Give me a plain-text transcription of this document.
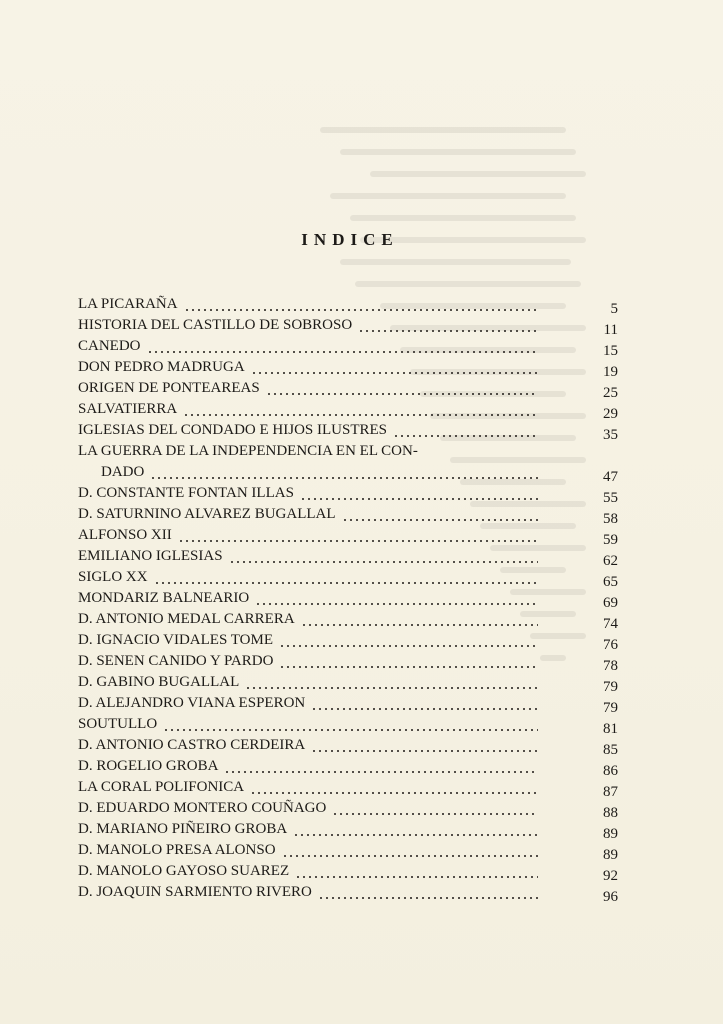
INDICE
LA PICARAÑA	5
HISTORIA DEL CASTILLO DE SOBROSO	11
CANEDO	15
DON PEDRO MADRUGA	19
ORIGEN DE PONTEAREAS	25
SALVATIERRA	29
IGLESIAS DEL CONDADO E HIJOS ILUSTRES	35
LA GUERRA DE LA INDEPENDENCIA EN EL CON-
DADO	47
D. CONSTANTE FONTAN ILLAS	55
D. SATURNINO ALVAREZ BUGALLAL	58
ALFONSO XII	59
EMILIANO IGLESIAS	62
SIGLO XX	65
MONDARIZ BALNEARIO	69
D. ANTONIO MEDAL CARRERA	74
D. IGNACIO VIDALES TOME	76
D. SENEN CANIDO Y PARDO	78
D. GABINO BUGALLAL	79
D. ALEJANDRO VIANA ESPERON	79
SOUTULLO	81
D. ANTONIO CASTRO CERDEIRA	85
D. ROGELIO GROBA	86
LA CORAL POLIFONICA	87
D. EDUARDO MONTERO COUÑAGO	88
D. MARIANO PIÑEIRO GROBA	89
D. MANOLO PRESA ALONSO	89
D. MANOLO GAYOSO SUAREZ	92
D. JOAQUIN SARMIENTO RIVERO	96
